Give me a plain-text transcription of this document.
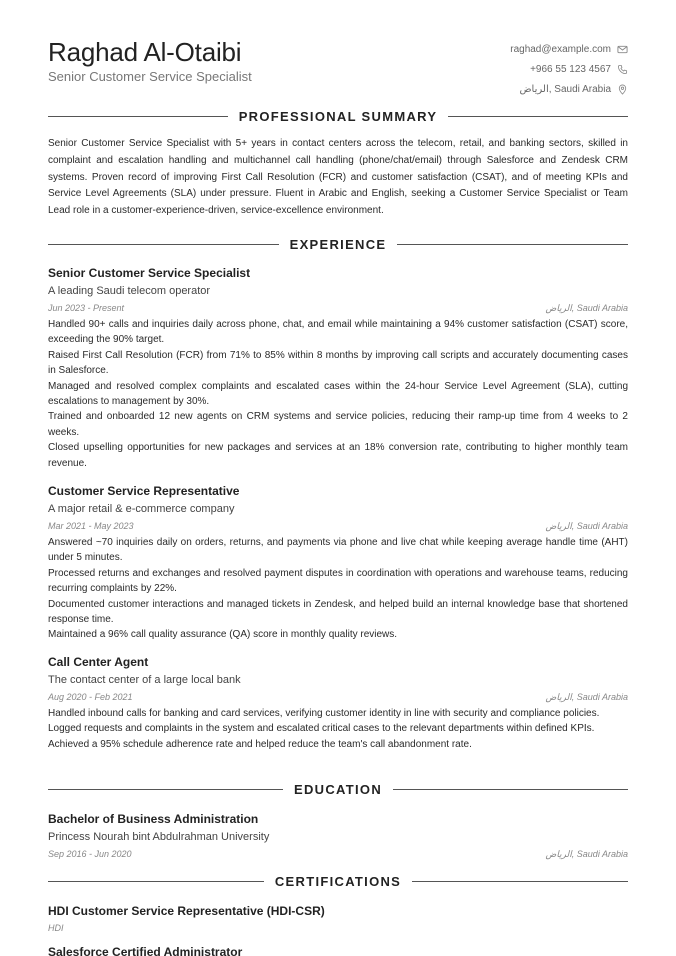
Raghad Al-Otaibi
Senior Customer Service Specialist
raghad@example.com
+966 55 123 4567
الرياض, Saudi Arabia
PROFESSIONAL SUMMARY
Senior Customer Service Specialist with 5+ years in contact centers across the telecom, retail, and banking sectors, skilled in complaint and escalation handling and multichannel call handling (phone/chat/email) through Salesforce and Zendesk CRM systems. Proven record of improving First Call Resolution (FCR) and customer satisfaction (CSAT), and of meeting KPIs and Service Level Agreements (SLA) under pressure. Fluent in Arabic and English, seeking a Customer Service Specialist or Team Lead role in a customer-experience-driven, service-excellence environment.
EXPERIENCE
Senior Customer Service Specialist
A leading Saudi telecom operator
Jun 2023 - Present	الرياض, Saudi Arabia
Handled 90+ calls and inquiries daily across phone, chat, and email while maintaining a 94% customer satisfaction (CSAT) score, exceeding the 90% target.
Raised First Call Resolution (FCR) from 71% to 85% within 8 months by improving call scripts and accurately documenting cases in Salesforce.
Managed and resolved complex complaints and escalated cases within the 24-hour Service Level Agreement (SLA), cutting escalations to management by 30%.
Trained and onboarded 12 new agents on CRM systems and service policies, reducing their ramp-up time from 4 weeks to 2 weeks.
Closed upselling opportunities for new packages and services at an 18% conversion rate, contributing to higher monthly team revenue.
Customer Service Representative
A major retail & e-commerce company
Mar 2021 - May 2023	الرياض, Saudi Arabia
Answered ~70 inquiries daily on orders, returns, and payments via phone and live chat while keeping average handle time (AHT) under 5 minutes.
Processed returns and exchanges and resolved payment disputes in coordination with operations and warehouse teams, reducing recurring complaints by 22%.
Documented customer interactions and managed tickets in Zendesk, and helped build an internal knowledge base that shortened response time.
Maintained a 96% call quality assurance (QA) score in monthly quality reviews.
Call Center Agent
The contact center of a large local bank
Aug 2020 - Feb 2021	الرياض, Saudi Arabia
Handled inbound calls for banking and card services, verifying customer identity in line with security and compliance policies.
Logged requests and complaints in the system and escalated critical cases to the relevant departments within defined KPIs.
Achieved a 95% schedule adherence rate and helped reduce the team's call abandonment rate.
EDUCATION
Bachelor of Business Administration
Princess Nourah bint Abdulrahman University
Sep 2016 - Jun 2020	الرياض, Saudi Arabia
CERTIFICATIONS
HDI Customer Service Representative (HDI-CSR)
HDI
Salesforce Certified Administrator
